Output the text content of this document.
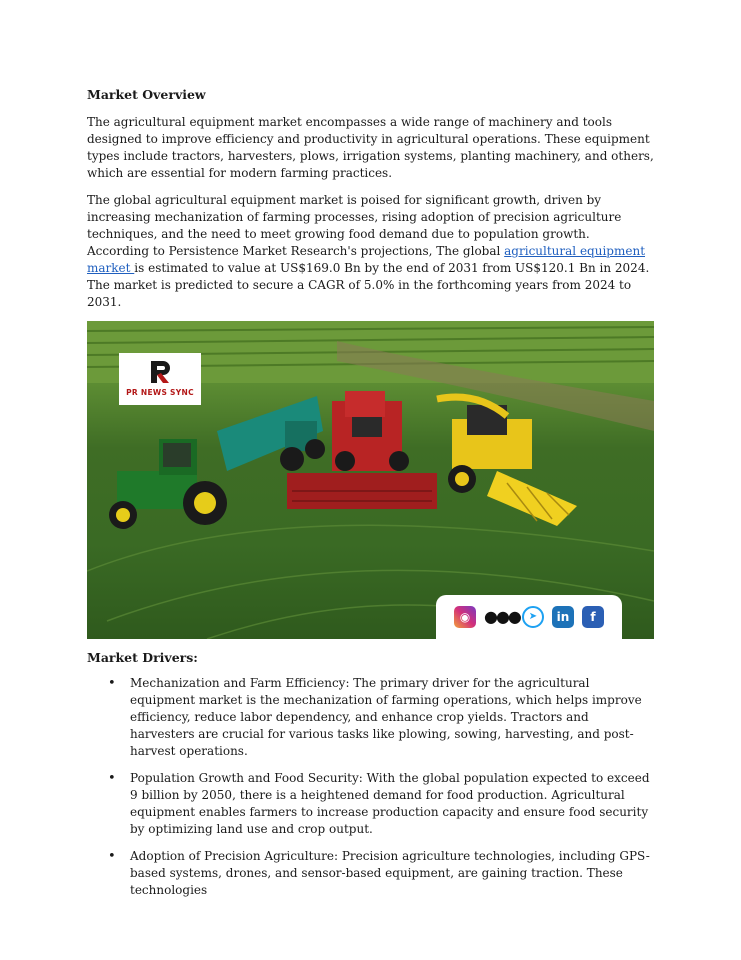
Market Overview

The agricultural equipment market encompasses a wide range of machinery and tools designed to improve efficiency and productivity in agricultural operations. These equipment types include tractors, harvesters, plows, irrigation systems, planting machinery, and others, which are essential for modern farming practices.

The global agricultural equipment market is poised for significant growth, driven by increasing mechanization of farming processes, rising adoption of precision agriculture techniques, and the need to meet growing food demand due to population growth. According to Persistence Market Research's projections, The global agricultural equipment market is estimated to value at US$169.0 Bn by the end of 2031 from US$120.1 Bn in 2024. The market is predicted to secure a CAGR of 5.0% in the forthcoming years from 2024 to 2031.

PR NEWS SYNC
◉ ●●● ➤	in	f
Market Drivers:
• Mechanization and Farm Efficiency: The primary driver for the agricultural equipment market is the mechanization of farming operations, which helps improve efficiency, reduce labor dependency, and enhance crop yields. Tractors and harvesters are crucial for various tasks like plowing, sowing, harvesting, and post-harvest operations.
• Population Growth and Food Security: With the global population expected to exceed 9 billion by 2050, there is a heightened demand for food production. Agricultural equipment enables farmers to increase production capacity and ensure food security by optimizing land use and crop output.
• Adoption of Precision Agriculture: Precision agriculture technologies, including GPS-based systems, drones, and sensor-based equipment, are gaining traction. These technologies
